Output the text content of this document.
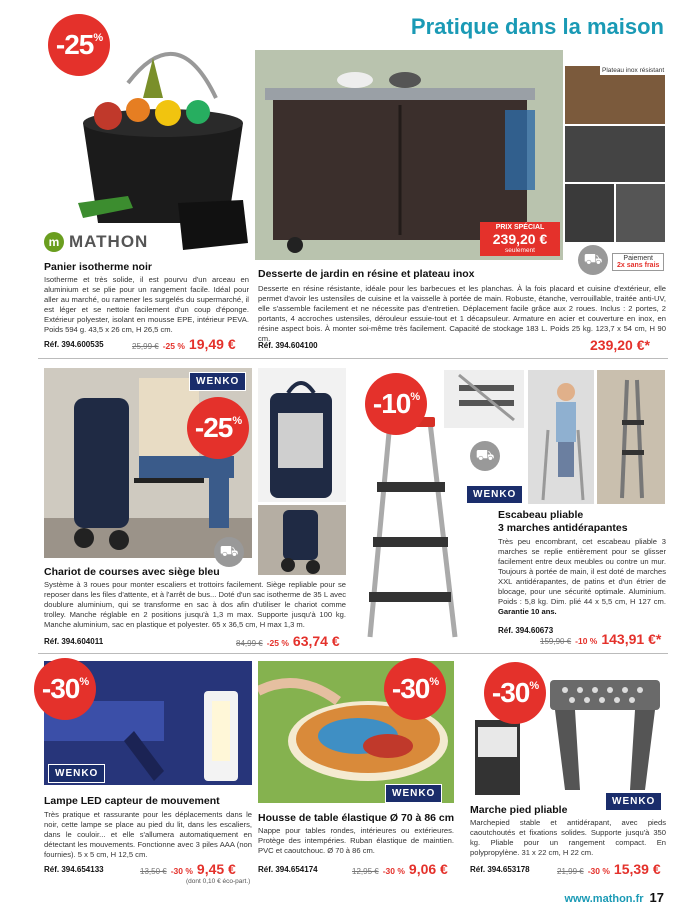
Pratique dans la maison
-25%
m MATHON
Panier isotherme noir
Isotherme et très solide, il est pourvu d'un arceau en aluminium et se plie pour un rangement facile. Idéal pour aller au marché, ou ramener les surgelés du supermarché, il est léger et se nettoie facilement d'un coup d'éponge. Extérieur polyester, isolant en mousse EPE, intérieur PEVA. Poids 594 g. 43,5 x 26 cm, H 26,5 cm.
Réf. 394.600535	25,99 € -25 % 19,49 €
PRIX SPÉCIAL
239,20 €
seulement
Plateau inox résistant
⛟	Paiement
2x sans frais
Desserte de jardin en résine et plateau inox
Desserte en résine résistante, idéale pour les barbecues et les planchas. À la fois placard et cuisine d'extérieur, elle permet d'avoir les ustensiles de cuisine et la vaisselle à portée de main. Robuste, étanche, verrouillable, traitée anti-UV, elle s'assemble facilement et ne nécessite pas d'entretien. Déplacement facile grâce aux 2 roues. Inclus : 2 portes, 2 portants, 4 accroches ustensiles, dérouleur essuie-tout et 1 décapsuleur. Armature en acier et couverture en inox, en résine aspect bois. À monter soi-même très facilement. Capacité de stockage 183 L. Poids 25 kg. 123,7 x 54 cm, H 90 cm.
Réf. 394.604100	239,20 €*
WENKO
-25%
⛟
Chariot de courses avec siège bleu
Système à 3 roues pour monter escaliers et trottoirs facilement. Siège repliable pour se reposer dans les files d'attente, et à l'arrêt de bus... Doté d'un sac isotherme de 35 L avec doublure aluminium, qui se transforme en sac à dos afin d'utiliser le chariot comme trolley. Manche réglable en 2 positions jusqu'à 1,3 m max. Supporte jusqu'à 100 kg. Manche aluminium, sac en plastique et polyester. 65 x 36,5 cm, H max 1,3 m.
Réf. 394.604011	84,99 € -25 % 63,74 €
-10%
⛟
WENKO
Escabeau pliable
3 marches antidérapantes
Très peu encombrant, cet escabeau pliable 3 marches se replie entièrement pour se glisser facilement entre deux meubles ou contre un mur. Toujours à portée de main, il est doté de marches XXL antidérapantes, de patins et d'un étrier de blocage, pour une sécurité optimale. Aluminium. Poids : 5,8 kg. Dim. plié 44 x 5,5 cm, H 127 cm. Garantie 10 ans.
Réf. 394.60673
159,90 € -10 % 143,91 €*
-30%
WENKO
Lampe LED capteur de mouvement
Très pratique et rassurante pour les déplacements dans le noir, cette lampe se place au pied du lit, dans les escaliers, dans le couloir... et elle s'allumera automatiquement en détectant les mouvements. Fonctionne avec 3 piles AAA (non fournies). 5 x 5 cm, H 12,5 cm.
Réf. 394.654133	13,50 € -30 % 9,45 €
(dont 0,10 € éco-part.)
-30%
WENKO
Housse de table élastique Ø 70 à 86 cm
Nappe pour tables rondes, intérieures ou extérieures. Protège des intempéries. Ruban élastique de maintien. PVC et caoutchouc. Ø 70 à 86 cm.
Réf. 394.654174	12,95 € -30 % 9,06 €
-30%
WENKO
Marche pied pliable
Marchepied stable et antidérapant, avec pieds caoutchoutés et fixations solides. Supporte jusqu'à 350 kg. Pliable pour un rangement compact. En polypropylène. 31 x 22 cm, H 22 cm.
Réf. 394.653178	21,99 € -30 % 15,39 €
www.mathon.fr 17
